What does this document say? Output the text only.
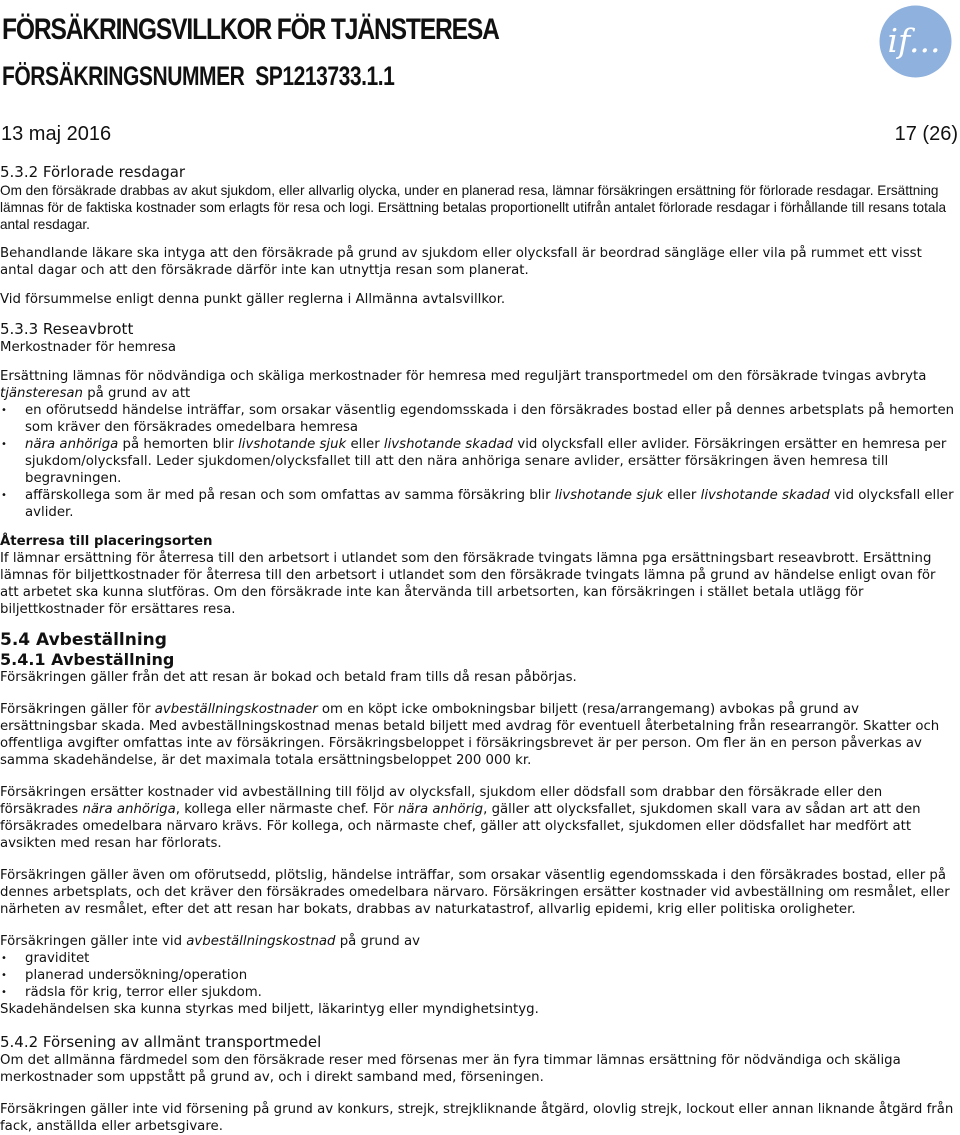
FÖRSÄKRINGSVILLKOR FÖR TJÄNSTERESA
FÖRSÄKRINGSNUMMER SP1213733.1.1
if...
13 maj 2016	17 (26)
5.3.2 Förlorade resdagar

Om den försäkrade drabbas av akut sjukdom, eller allvarlig olycka, under en planerad resa, lämnar försäkringen ersättning för förlorade resdagar. Ersättning lämnas för de faktiska kostnader som erlagts för resa och logi. Ersättning betalas proportionellt utifrån antalet förlorade resdagar i förhållande till resans totala antal resdagar.

Behandlande läkare ska intyga att den försäkrade på grund av sjukdom eller olycksfall är beordrad sängläge eller vila på rummet ett visst antal dagar och att den försäkrade därför inte kan utnyttja resan som planerat.

Vid försummelse enligt denna punkt gäller reglerna i Allmänna avtalsvillkor.

5.3.3 Reseavbrott

Merkostnader för hemresa

Ersättning lämnas för nödvändiga och skäliga merkostnader för hemresa med reguljärt transportmedel om den försäkrade tvingas avbryta tjänsteresan på grund av att

• en oförutsedd händelse inträffar, som orsakar väsentlig egendomsskada i den försäkrades bostad eller på dennes arbetsplats på hemorten som kräver den försäkrades omedelbara hemresa
• nära anhöriga på hemorten blir livshotande sjuk eller livshotande skadad vid olycksfall eller avlider. Försäkringen ersätter en hemresa per sjukdom/olycksfall. Leder sjukdomen/olycksfallet till att den nära anhöriga senare avlider, ersätter försäkringen även hemresa till begravningen.
• affärskollega som är med på resan och som omfattas av samma försäkring blir livshotande sjuk eller livshotande skadad vid olycksfall eller avlider.

Återresa till placeringsorten

If lämnar ersättning för återresa till den arbetsort i utlandet som den försäkrade tvingats lämna pga ersättningsbart reseavbrott. Ersättning lämnas för biljettkostnader för återresa till den arbetsort i utlandet som den försäkrade tvingats lämna på grund av händelse enligt ovan för att arbetet ska kunna slutföras. Om den försäkrade inte kan återvända till arbetsorten, kan försäkringen i stället betala utlägg för biljettkostnader för ersättares resa.

5.4 Avbeställning
5.4.1 Avbeställning

Försäkringen gäller från det att resan är bokad och betald fram tills då resan påbörjas.

Försäkringen gäller för avbeställningskostnader om en köpt icke ombokningsbar biljett (resa/arrangemang) avbokas på grund av ersättningsbar skada. Med avbeställningskostnad menas betald biljett med avdrag för eventuell återbetalning från researrangör. Skatter och offentliga avgifter omfattas inte av försäkringen. Försäkringsbeloppet i försäkringsbrevet är per person. Om fler än en person påverkas av samma skadehändelse, är det maximala totala ersättningsbeloppet 200 000 kr.

Försäkringen ersätter kostnader vid avbeställning till följd av olycksfall, sjukdom eller dödsfall som drabbar den försäkrade eller den försäkrades nära anhöriga, kollega eller närmaste chef. För nära anhörig, gäller att olycksfallet, sjukdomen skall vara av sådan art att den försäkrades omedelbara närvaro krävs. För kollega, och närmaste chef, gäller att olycksfallet, sjukdomen eller dödsfallet har medfört att avsikten med resan har förlorats.

Försäkringen gäller även om oförutsedd, plötslig, händelse inträffar, som orsakar väsentlig egendomsskada i den försäkrades bostad, eller på dennes arbetsplats, och det kräver den försäkrades omedelbara närvaro. Försäkringen ersätter kostnader vid avbeställning om resmålet, eller närheten av resmålet, efter det att resan har bokats, drabbas av naturkatastrof, allvarlig epidemi, krig eller politiska oroligheter.

Försäkringen gäller inte vid avbeställningskostnad på grund av

• graviditet
• planerad undersökning/operation
• rädsla för krig, terror eller sjukdom.

Skadehändelsen ska kunna styrkas med biljett, läkarintyg eller myndighetsintyg.

5.4.2 Försening av allmänt transportmedel

Om det allmänna färdmedel som den försäkrade reser med försenas mer än fyra timmar lämnas ersättning för nödvändiga och skäliga merkostnader som uppstått på grund av, och i direkt samband med, förseningen.

Försäkringen gäller inte vid försening på grund av konkurs, strejk, strejkliknande åtgärd, olovlig strejk, lockout eller annan liknande åtgärd från fack, anställda eller arbetsgivare.
